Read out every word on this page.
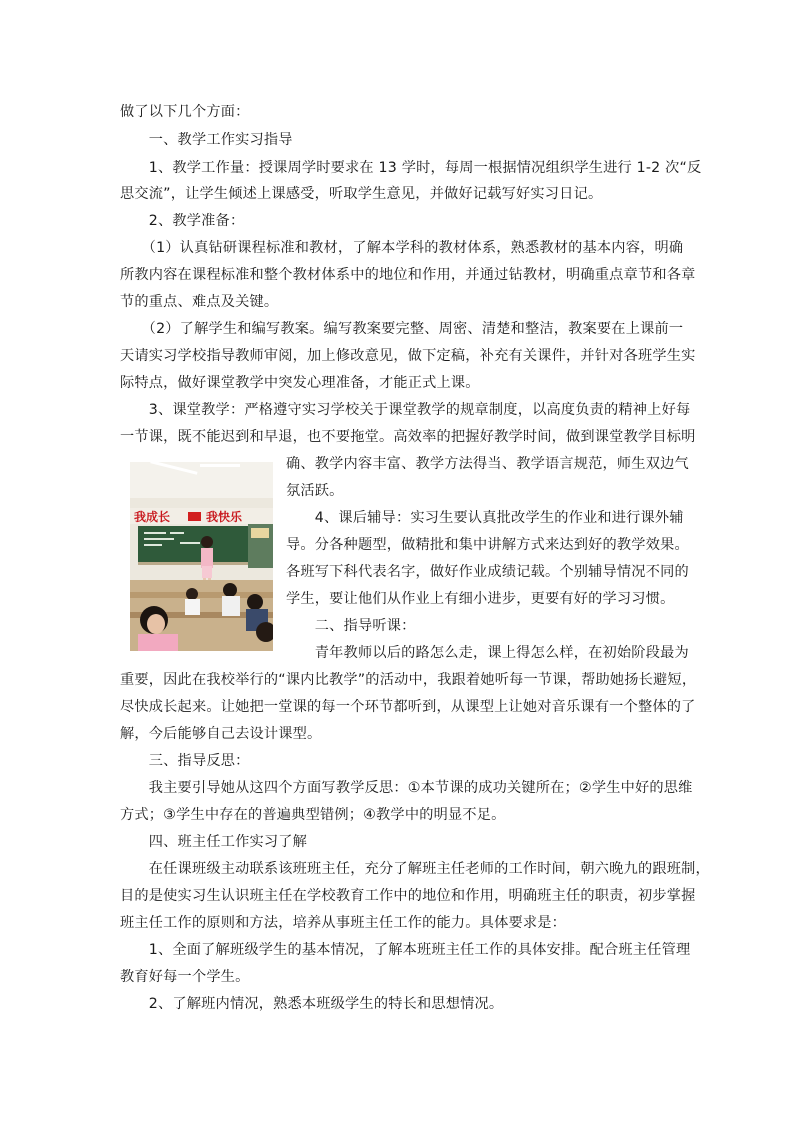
做了以下几个方面：
　　一、教学工作实习指导
　　1、教学工作量：授课周学时要求在 13 学时，每周一根据情况组织学生进行 1-2 次“反
思交流”，让学生倾述上课感受，听取学生意见，并做好记载写好实习日记。
　　2、教学准备：
　　（1）认真钻研课程标准和教材，了解本学科的教材体系，熟悉教材的基本内容，明确
所教内容在课程标准和整个教材体系中的地位和作用，并通过钻教材，明确重点章节和各章
节的重点、难点及关键。
　　（2）了解学生和编写教案。编写教案要完整、周密、清楚和整洁，教案要在上课前一
天请实习学校指导教师审阅，加上修改意见，做下定稿，补充有关课件，并针对各班学生实
际特点，做好课堂教学中突发心理准备，才能正式上课。
　　3、课堂教学：严格遵守实习学校关于课堂教学的规章制度，以高度负责的精神上好每
一节课，既不能迟到和早退，也不要拖堂。高效率的把握好教学时间，做到课堂教学目标明
确、教学内容丰富、教学方法得当、教学语言规范，师生双边气
氛活跃。
　　4、课后辅导：实习生要认真批改学生的作业和进行课外辅
导。分各种题型，做精批和集中讲解方式来达到好的教学效果。
各班写下科代表名字，做好作业成绩记载。个别辅导情况不同的
学生，要让他们从作业上有细小进步，更要有好的学习习惯。
　　二、指导听课：
　　青年教师以后的路怎么走，课上得怎么样，在初始阶段最为
重要，因此在我校举行的“课内比教学”的活动中，我跟着她听每一节课，帮助她扬长避短，
尽快成长起来。让她把一堂课的每一个环节都听到，从课型上让她对音乐课有一个整体的了
解，今后能够自己去设计课型。
　　三、指导反思：
　　我主要引导她从这四个方面写教学反思：①本节课的成功关键所在；②学生中好的思维
方式；③学生中存在的普遍典型错例；④教学中的明显不足。
　　四、班主任工作实习了解
　　在任课班级主动联系该班班主任，充分了解班主任老师的工作时间，朝六晚九的跟班制，
目的是使实习生认识班主任在学校教育工作中的地位和作用，明确班主任的职责，初步掌握
班主任工作的原则和方法，培养从事班主任工作的能力。具体要求是：
　　1、全面了解班级学生的基本情况，了解本班班主任工作的具体安排。配合班主任管理
教育好每一个学生。
　　2、了解班内情况，熟悉本班级学生的特长和思想情况。
我成长	我快乐
